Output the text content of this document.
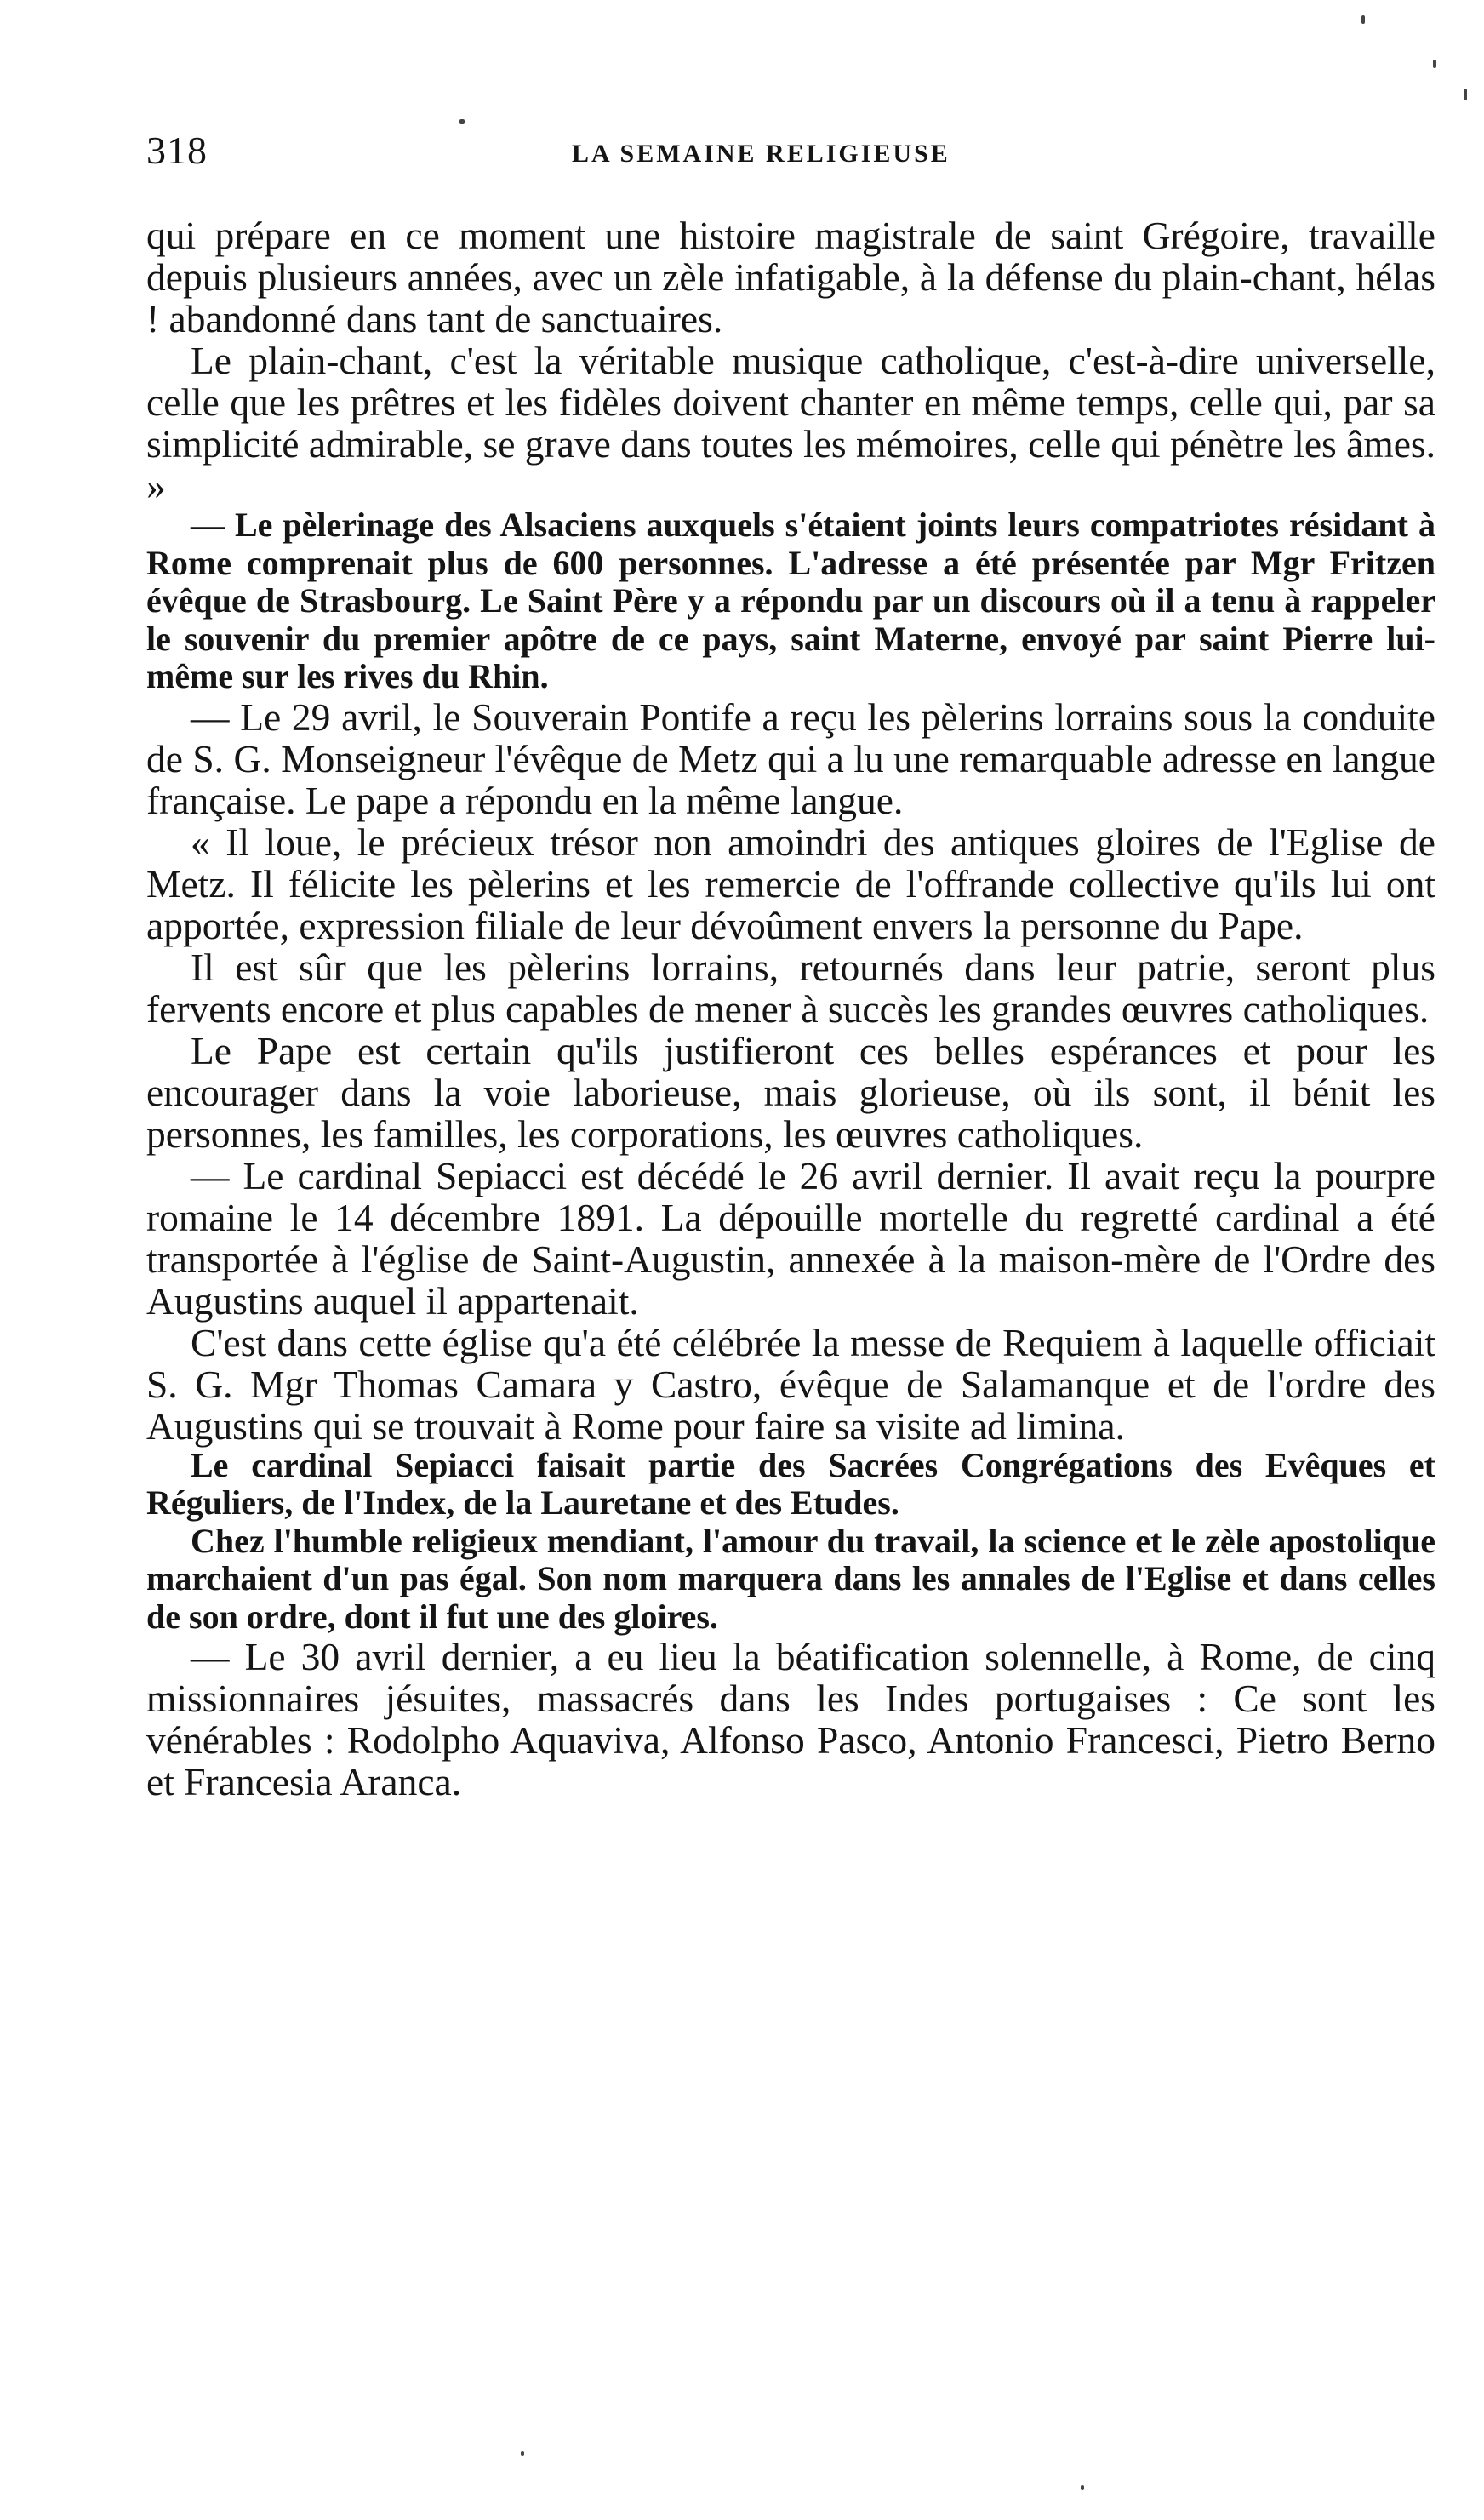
318	LA SEMAINE RELIGIEUSE

qui prépare en ce moment une histoire magistrale de saint Grégoire, travaille depuis plusieurs années, avec un zèle infatigable, à la défense du plain-chant, hélas ! abandonné dans tant de sanctuaires.

Le plain-chant, c'est la véritable musique catholique, c'est-à-dire universelle, celle que les prêtres et les fidèles doivent chanter en même temps, celle qui, par sa simplicité admirable, se grave dans toutes les mémoires, celle qui pénètre les âmes. »

— Le pèlerinage des Alsaciens auxquels s'étaient joints leurs compatriotes résidant à Rome comprenait plus de 600 personnes. L'adresse a été présentée par Mgr Fritzen évêque de Strasbourg. Le Saint Père y a répondu par un discours où il a tenu à rappeler le souvenir du premier apôtre de ce pays, saint Materne, envoyé par saint Pierre lui-même sur les rives du Rhin.

— Le 29 avril, le Souverain Pontife a reçu les pèlerins lorrains sous la conduite de S. G. Monseigneur l'évêque de Metz qui a lu une remarquable adresse en langue française. Le pape a répondu en la même langue.

« Il loue, le précieux trésor non amoindri des antiques gloires de l'Eglise de Metz. Il félicite les pèlerins et les remercie de l'offrande collective qu'ils lui ont apportée, expression filiale de leur dévoûment envers la personne du Pape.

Il est sûr que les pèlerins lorrains, retournés dans leur patrie, seront plus fervents encore et plus capables de mener à succès les grandes œuvres catholiques.

Le Pape est certain qu'ils justifieront ces belles espérances et pour les encourager dans la voie laborieuse, mais glorieuse, où ils sont, il bénit les personnes, les familles, les corporations, les œuvres catholiques.

— Le cardinal Sepiacci est décédé le 26 avril dernier. Il avait reçu la pourpre romaine le 14 décembre 1891. La dépouille mortelle du regretté cardinal a été transportée à l'église de Saint-Augustin, annexée à la maison-mère de l'Ordre des Augustins auquel il appartenait.

C'est dans cette église qu'a été célébrée la messe de Requiem à laquelle officiait S. G. Mgr Thomas Camara y Castro, évêque de Salamanque et de l'ordre des Augustins qui se trouvait à Rome pour faire sa visite ad limina.

Le cardinal Sepiacci faisait partie des Sacrées Congrégations des Evêques et Réguliers, de l'Index, de la Lauretane et des Etudes.

Chez l'humble religieux mendiant, l'amour du travail, la science et le zèle apostolique marchaient d'un pas égal. Son nom marquera dans les annales de l'Eglise et dans celles de son ordre, dont il fut une des gloires.

— Le 30 avril dernier, a eu lieu la béatification solennelle, à Rome, de cinq missionnaires jésuites, massacrés dans les Indes portugaises : Ce sont les vénérables : Rodolpho Aquaviva, Alfonso Pasco, Antonio Francesci, Pietro Berno et Francesia Aranca.
